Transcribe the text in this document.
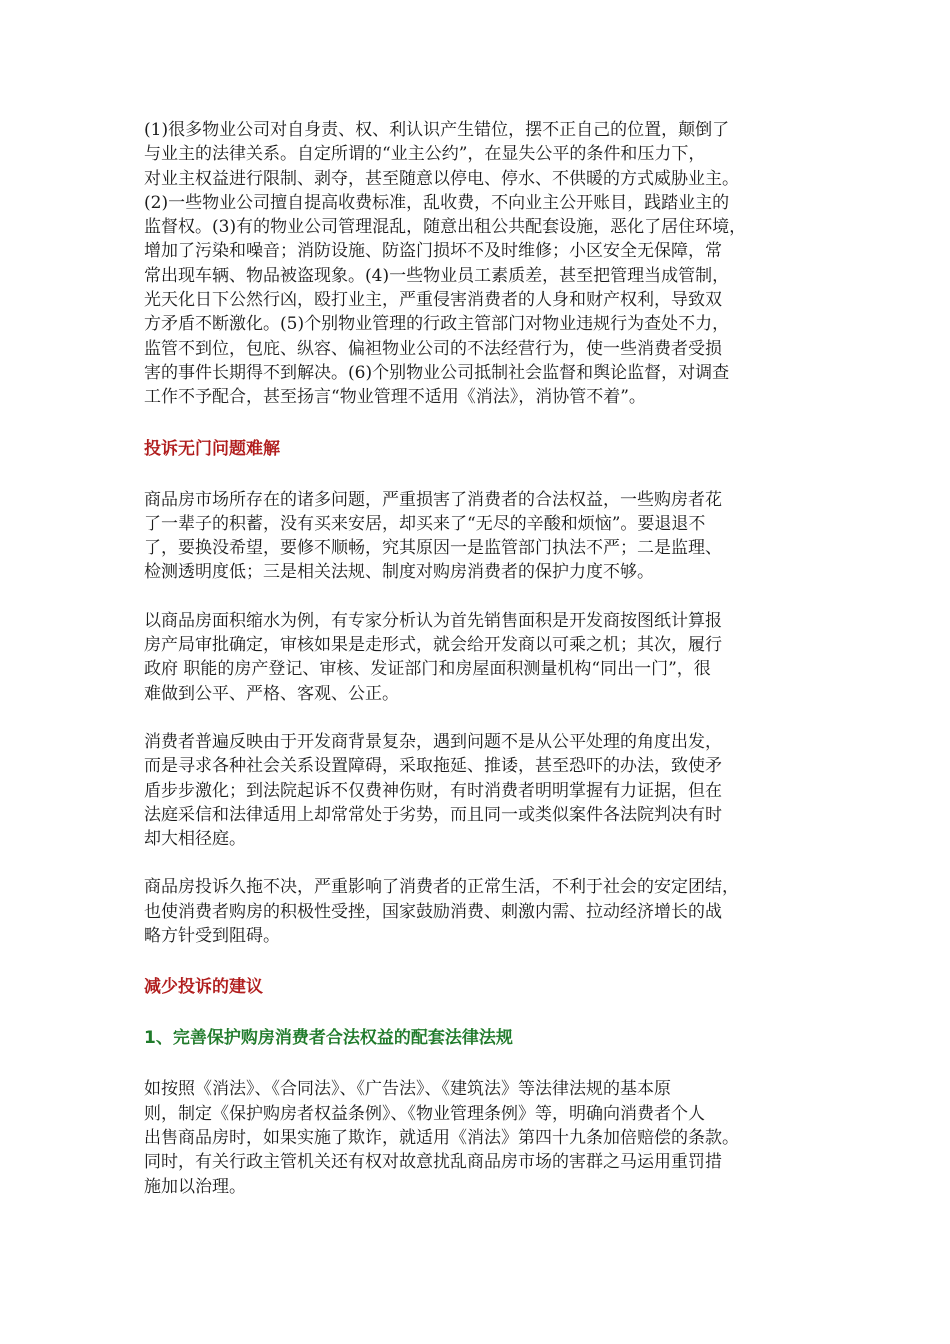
(1)很多物业公司对自身责、权、利认识产生错位，摆不正自己的位置，颠倒了
与业主的法律关系。自定所谓的“业主公约”，在显失公平的条件和压力下，
对业主权益进行限制、剥夺，甚至随意以停电、停水、不供暖的方式威胁业主。
(2)一些物业公司擅自提高收费标准，乱收费，不向业主公开账目，践踏业主的
监督权。(3)有的物业公司管理混乱，随意出租公共配套设施，恶化了居住环境，
增加了污染和噪音；消防设施、防盗门损坏不及时维修；小区安全无保障，常
常出现车辆、物品被盗现象。(4)一些物业员工素质差，甚至把管理当成管制，
光天化日下公然行凶，殴打业主，严重侵害消费者的人身和财产权利，导致双
方矛盾不断激化。(5)个别物业管理的行政主管部门对物业违规行为查处不力，
监管不到位，包庇、纵容、偏袒物业公司的不法经营行为，使一些消费者受损
害的事件长期得不到解决。(6)个别物业公司抵制社会监督和舆论监督，对调查
工作不予配合，甚至扬言“物业管理不适用《消法》，消协管不着”。

投诉无门问题难解

商品房市场所存在的诸多问题，严重损害了消费者的合法权益，一些购房者花
了一辈子的积蓄，没有买来安居，却买来了“无尽的辛酸和烦恼”。要退退不
了，要换没希望，要修不顺畅，究其原因一是监管部门执法不严；二是监理、
检测透明度低；三是相关法规、制度对购房消费者的保护力度不够。

以商品房面积缩水为例，有专家分析认为首先销售面积是开发商按图纸计算报
房产局审批确定，审核如果是走形式，就会给开发商以可乘之机；其次，履行
政府 职能的房产登记、审核、发证部门和房屋面积测量机构“同出一门”，很
难做到公平、严格、客观、公正。

消费者普遍反映由于开发商背景复杂，遇到问题不是从公平处理的角度出发，
而是寻求各种社会关系设置障碍，采取拖延、推诿，甚至恐吓的办法，致使矛
盾步步激化；到法院起诉不仅费神伤财，有时消费者明明掌握有力证据，但在
法庭采信和法律适用上却常常处于劣势，而且同一或类似案件各法院判决有时
却大相径庭。

商品房投诉久拖不决，严重影响了消费者的正常生活，不利于社会的安定团结，
也使消费者购房的积极性受挫，国家鼓励消费、刺激内需、拉动经济增长的战
略方针受到阻碍。

减少投诉的建议

1、完善保护购房消费者合法权益的配套法律法规

如按照《消法》、《合同法》、《广告法》、《建筑法》等法律法规的基本原
则，制定《保护购房者权益条例》、《物业管理条例》等，明确向消费者个人
出售商品房时，如果实施了欺诈，就适用《消法》第四十九条加倍赔偿的条款。
同时，有关行政主管机关还有权对故意扰乱商品房市场的害群之马运用重罚措
施加以治理。
